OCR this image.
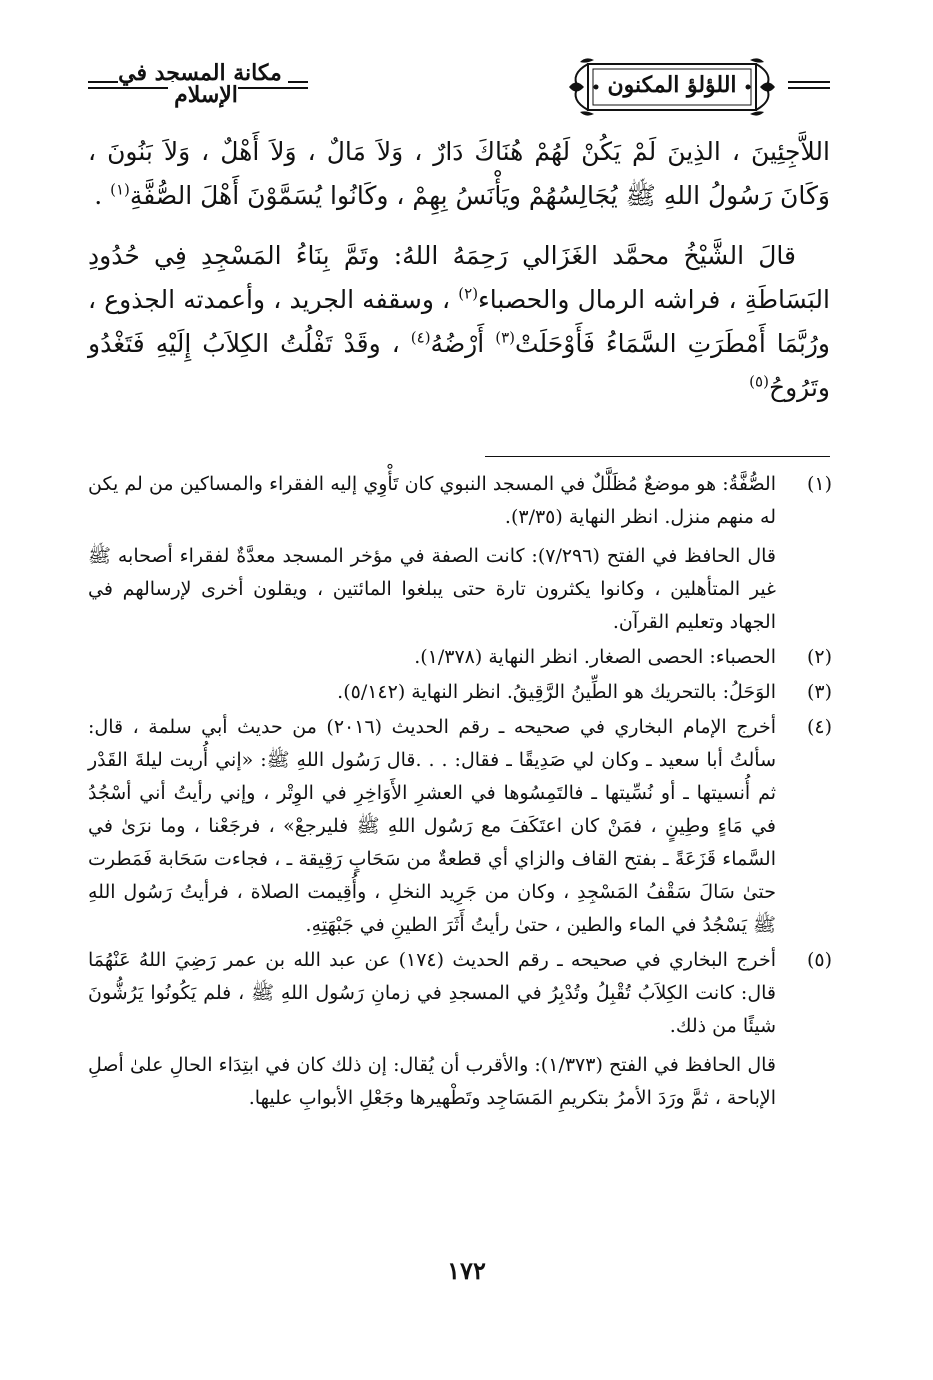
مكانة المسجد في الإسلام	اللؤلؤ المكنون

اللاَّجِئِينَ ، الذِينَ لَمْ يَكُنْ لَهُمْ هُنَاكَ دَارٌ ، وَلاَ مَالٌ ، وَلاَ أَهْلٌ ، وَلاَ بَنُونَ ، وَكَانَ رَسُولُ اللهِ ﷺ يُجَالِسُهُمْ ويَأْنَسُ بِهِمْ ، وكَانُوا يُسَمَّوْنَ أَهْلَ الصُّفَّةِ$^{(١)}$ .

قالَ الشَّيْخُ محمَّد الغَزَالي رَحِمَهُ اللهُ: وتَمَّ بِنَاءُ المَسْجِدِ فِي حُدُودِ البَسَاطَةِ ، فراشه الرمال والحصباء$^{(٢)}$ ، وسقفه الجريد ، وأعمدته الجذوع ، ورُبَّمَا أَمْطَرَتِ السَّمَاءُ فَأَوْحَلَتْ$^{(٣)}$ أَرْضُهُ$^{(٤)}$ ، وقَدْ تَفْلُتُ الكِلاَبُ إِلَيْهِ فَتَغْدُو وتَرُوحُ$^{(٥)}$

(١)

الصُّفَّةُ: هو موضعٌ مُظَلَّلٌ في المسجد النبوي كان تَأْوِي إليه الفقراء والمساكين من لم يكن له منهم منزل. انظر النهاية (٣/٣٥).

قال الحافظ في الفتح (٧/٢٩٦): كانت الصفة في مؤخر المسجد معدَّةٌ لفقراء أصحابه ﷺ غير المتأهلين ، وكانوا يكثرون تارة حتى يبلغوا المائتين ، ويقلون أخرى لإرسالهم في الجهاد وتعليم القرآن.

(٢)

الحصباء: الحصى الصغار. انظر النهاية (١/٣٧٨).

(٣)

الوَحَلُ: بالتحريك هو الطِّينُ الرَّقِيقُ. انظر النهاية (٥/١٤٢).

(٤)

أخرج الإمام البخاري في صحيحه ـ رقم الحديث (٢٠١٦) من حديث أبي سلمة ، قال: سألتُ أبا سعيد ـ وكان لي صَدِيقًا ـ فقال: . . .قال رَسُول اللهِ ﷺ: «إني أُريت ليلةَ القَدْر ثم أُنسيتها ـ أو نُسِّيتها ـ فالتَمِسُوها في العشرِ الأَوَاخِرِ في الوِتْر ، وإني رأيتُ أني أسْجُدُ في مَاءٍ وطِينٍ ، فمَنْ كان اعتَكَفَ مع رَسُول اللهِ ﷺ فليرجعْ» ، فرجَعْنا ، وما نرَىٰ في السَّماء قَزَعَةً ـ بفتح القاف والزاي أي قطعةٌ من سَحَابٍ رَقِيقة ـ ، فجاءت سَحَابة فَمَطرت حتىٰ سَالَ سَقْفُ المَسْجِدِ ، وكان من جَرِيد النخلِ ، وأُقِيمت الصلاة ، فرأيتُ رَسُول اللهِ ﷺ يَسْجُدُ في الماء والطين ، حتىٰ رأيتُ أَثَرَ الطينِ في جَبْهَتِهِ.

(٥)

أخرج البخاري في صحيحه ـ رقم الحديث (١٧٤) عن عبد الله بن عمر رَضِيَ اللهُ عَنْهُمَا قال: كانت الكِلاَبُ تُقْبِلُ وتُدْبِرُ في المسجدِ في زمانِ رَسُول اللهِ ﷺ ، فلم يَكُونُوا يَرُشُّونَ شيئًا من ذلك.

قال الحافظ في الفتح (١/٣٧٣): والأقرب أن يُقال: إن ذلك كان في ابتِدَاء الحالِ علىٰ أصلِ الإباحة ، ثمَّ ورَدَ الأمرُ بتكريمِ المَسَاجِد وتَطْهيرها وجَعْلِ الأبوابِ عليها.

١٧٢
